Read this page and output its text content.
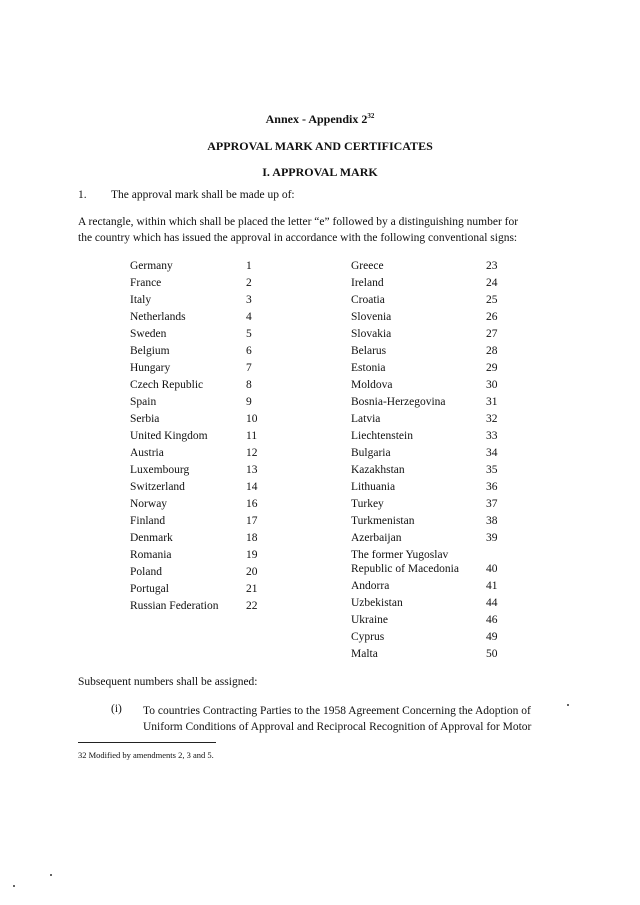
Annex - Appendix $2^{32}$
APPROVAL MARK AND CERTIFICATES
I. APPROVAL MARK
1. The approval mark shall be made up of:
A rectangle, within which shall be placed the letter “e” followed by a distinguishing number for
the country which has issued the approval in accordance with the following conventional signs:
Germany	1
France	2
Italy	3
Netherlands	4
Sweden	5
Belgium	6
Hungary	7
Czech Republic	8
Spain	9
Serbia	10
United Kingdom	11
Austria	12
Luxembourg	13
Switzerland	14
Norway	16
Finland	17
Denmark	18
Romania	19
Poland	20
Portugal	21
Russian Federation 22
Greece	23
Ireland	24
Croatia	25
Slovenia	26
Slovakia	27
Belarus	28
Estonia	29
Moldova	30
Bosnia-Herzegovina	31
Latvia	32
Liechtenstein	33
Bulgaria	34
Kazakhstan	35
Lithuania	36
Turkey	37
Turkmenistan	38
Azerbaijan	39
The former Yugoslav
Republic of Macedonia 40
Andorra	41
Uzbekistan	44
Ukraine	46
Cyprus	49
Malta	50
Subsequent numbers shall be assigned:
(i) To countries Contracting Parties to the 1958 Agreement Concerning the Adoption of
Uniform Conditions of Approval and Reciprocal Recognition of Approval for Motor
32 Modified by amendments 2, 3 and 5.
